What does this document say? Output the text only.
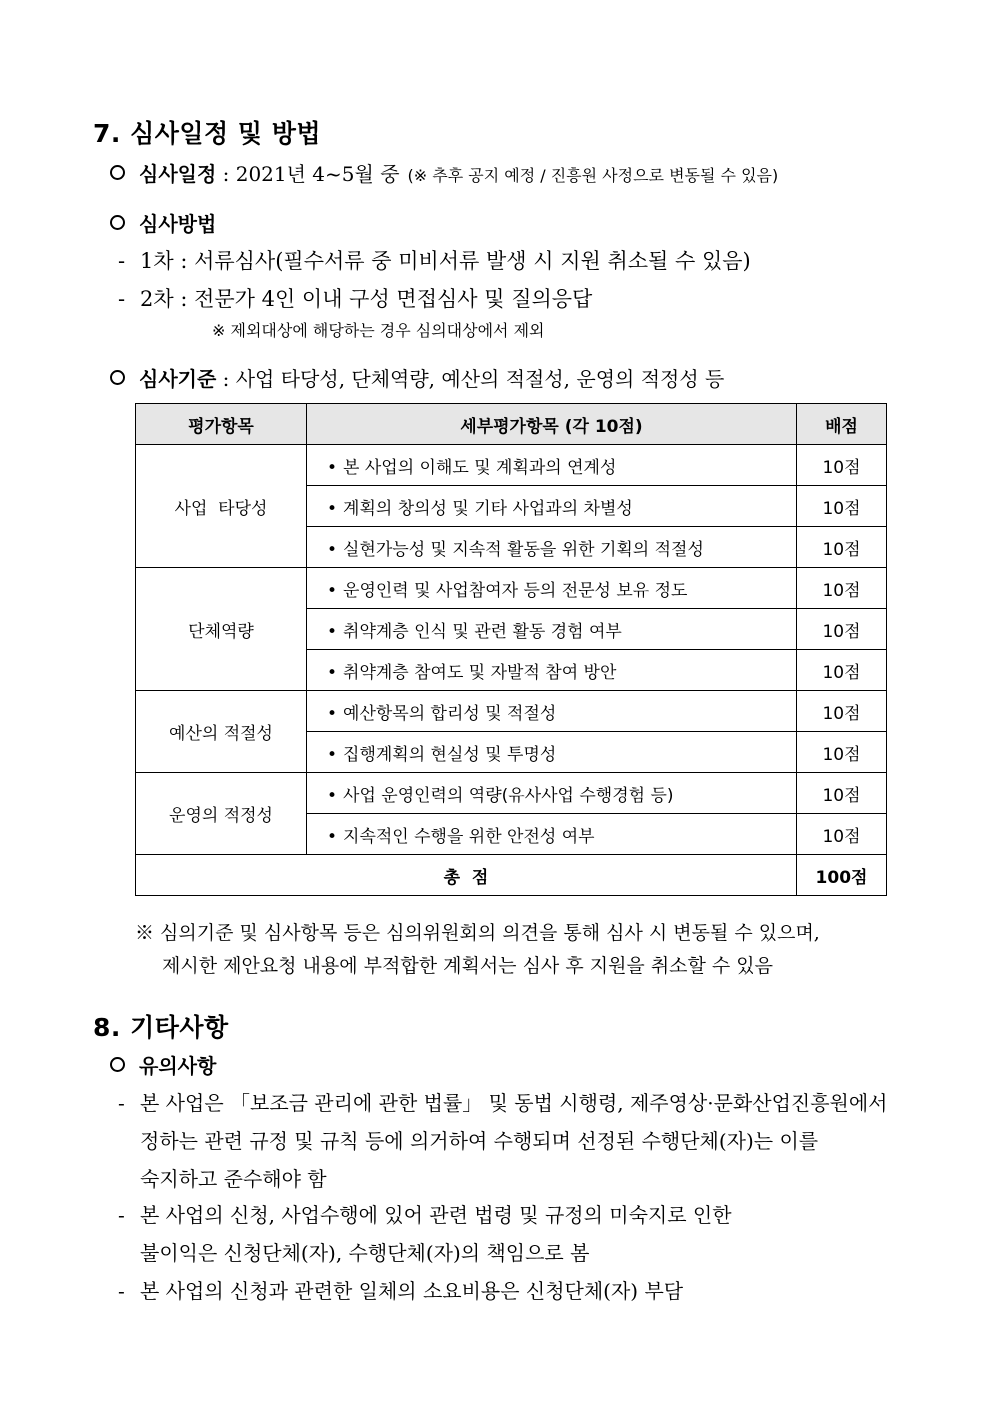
7. 심사일정 및 방법
심사일정 : 2021년 4~5월 중 (※ 추후 공지 예정 / 진흥원 사정으로 변동될 수 있음)
심사방법
- 1차 : 서류심사(필수서류 중 미비서류 발생 시 지원 취소될 수 있음)
- 2차 : 전문가 4인 이내 구성 면접심사 및 질의응답
※ 제외대상에 해당하는 경우 심의대상에서 제외
심사기준 : 사업 타당성, 단체역량, 예산의 적절성, 운영의 적정성 등
평가항목	세부평가항목 (각 10점)	배점
사업  타당성	• 본 사업의 이해도 및 계획과의 연계성	10점
	• 계획의 창의성 및 기타 사업과의 차별성	10점
	• 실현가능성 및 지속적 활동을 위한 기획의 적절성	10점
단체역량	• 운영인력 및 사업참여자 등의 전문성 보유 정도	10점
	• 취약계층 인식 및 관련 활동 경험 여부	10점
	• 취약계층 참여도 및 자발적 참여 방안	10점
예산의 적절성	• 예산항목의 합리성 및 적절성	10점
	• 집행계획의 현실성 및 투명성	10점
운영의 적정성	• 사업 운영인력의 역량(유사사업 수행경험 등)	10점
	• 지속적인 수행을 위한 안전성 여부	10점
총  점		100점
※ 심의기준 및 심사항목 등은 심의위원회의 의견을 통해 심사 시 변동될 수 있으며,
제시한 제안요청 내용에 부적합한 계획서는 심사 후 지원을 취소할 수 있음
8. 기타사항
유의사항
- 본 사업은 「보조금 관리에 관한 법률」 및 동법 시행령, 제주영상·문화산업진흥원에서
정하는 관련 규정 및 규칙 등에 의거하여 수행되며 선정된 수행단체(자)는 이를
숙지하고 준수해야 함
- 본 사업의 신청, 사업수행에 있어 관련 법령 및 규정의 미숙지로 인한
불이익은 신청단체(자), 수행단체(자)의 책임으로 봄
- 본 사업의 신청과 관련한 일체의 소요비용은 신청단체(자) 부담
